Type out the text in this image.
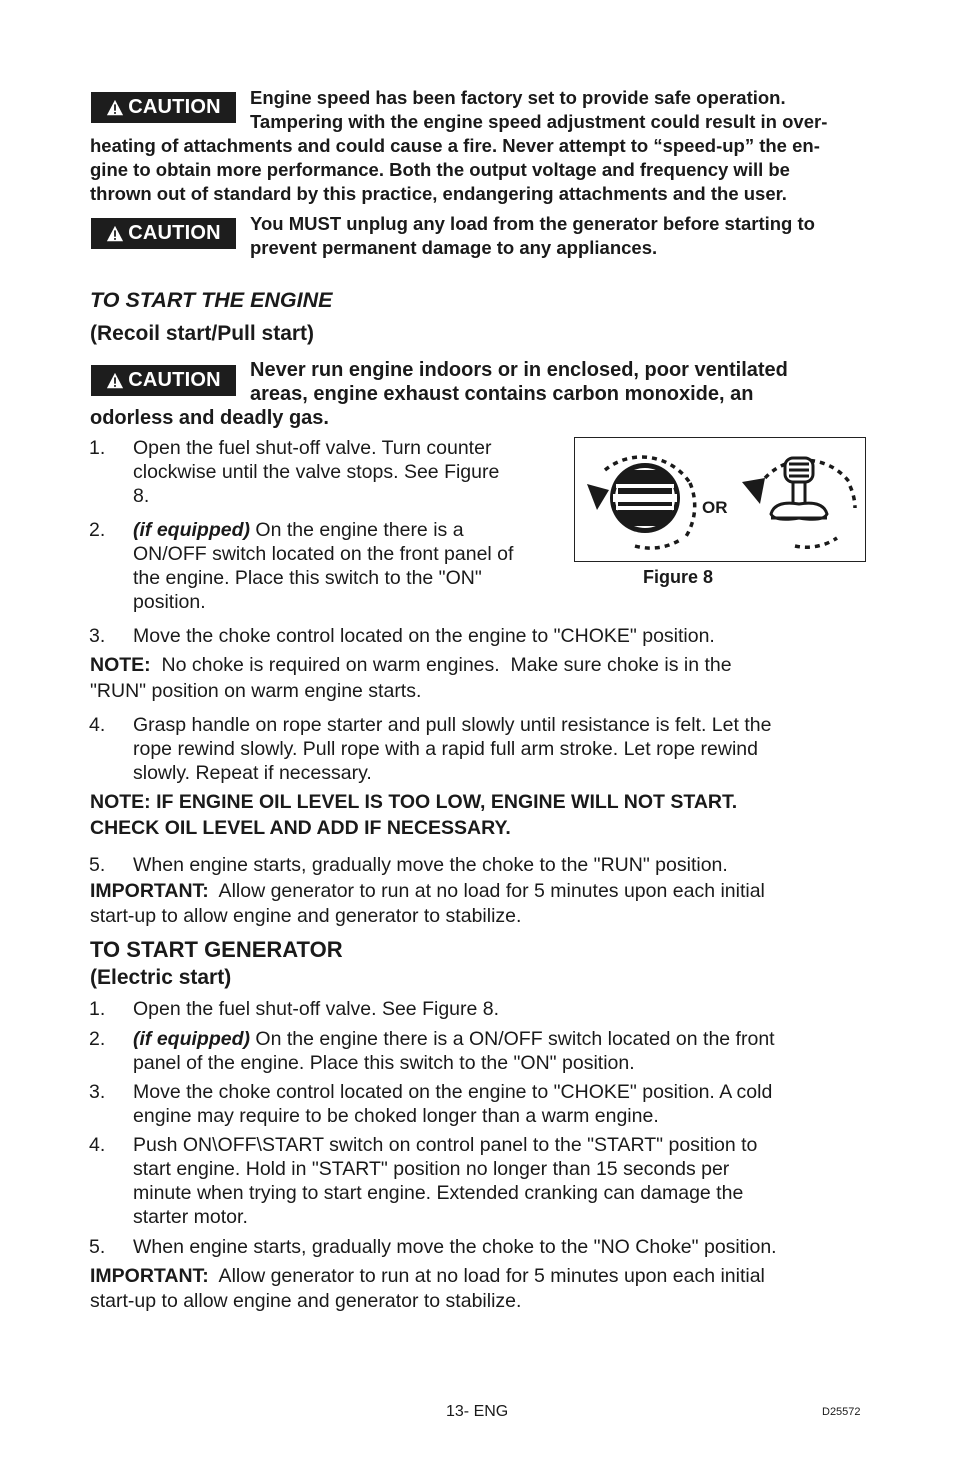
CAUTION Engine speed has been factory set to provide safe operation.
Tampering with the engine speed adjustment could result in over-
heating of attachments and could cause a fire. Never attempt to “speed-up” the en-
gine to obtain more performance. Both the output voltage and frequency will be
thrown out of standard by this practice, endangering attachments and the user.
CAUTION You MUST unplug any load from the generator before starting to
prevent permanent damage to any appliances.
TO START THE ENGINE
(Recoil start/Pull start)
CAUTION Never run engine indoors or in enclosed, poor ventilated
areas, engine exhaust contains carbon monoxide, an
odorless and deadly gas.
1. Open the fuel shut-off valve. Turn counter
clockwise until the valve stops. See Figure
8.
2. (if equipped) On the engine there is a
ON/OFF switch located on the front panel of
the engine. Place this switch to the "ON"
position.
OR
Figure 8
3. Move the choke control located on the engine to "CHOKE" position.
NOTE:  No choke is required on warm engines.  Make sure choke is in the
"RUN" position on warm engine starts.
4. Grasp handle on rope starter and pull slowly until resistance is felt. Let the
rope rewind slowly. Pull rope with a rapid full arm stroke. Let rope rewind
slowly. Repeat if necessary.
NOTE: IF ENGINE OIL LEVEL IS TOO LOW, ENGINE WILL NOT START.
CHECK OIL LEVEL AND ADD IF NECESSARY.
5. When engine starts, gradually move the choke to the "RUN" position.
IMPORTANT:  Allow generator to run at no load for 5 minutes upon each initial
start-up to allow engine and generator to stabilize.
TO START GENERATOR
(Electric start)
1. Open the fuel shut-off valve. See Figure 8.
2. (if equipped) On the engine there is a ON/OFF switch located on the front
panel of the engine. Place this switch to the "ON" position.
3. Move the choke control located on the engine to "CHOKE" position. A cold
engine may require to be choked longer than a warm engine.
4. Push ON\OFF\START switch on control panel to the "START" position to
start engine. Hold in "START" position no longer than 15 seconds per
minute when trying to start engine. Extended cranking can damage the
starter motor.
5. When engine starts, gradually move the choke to the "NO Choke" position.
IMPORTANT:  Allow generator to run at no load for 5 minutes upon each initial
start-up to allow engine and generator to stabilize.
13- ENG	D25572
